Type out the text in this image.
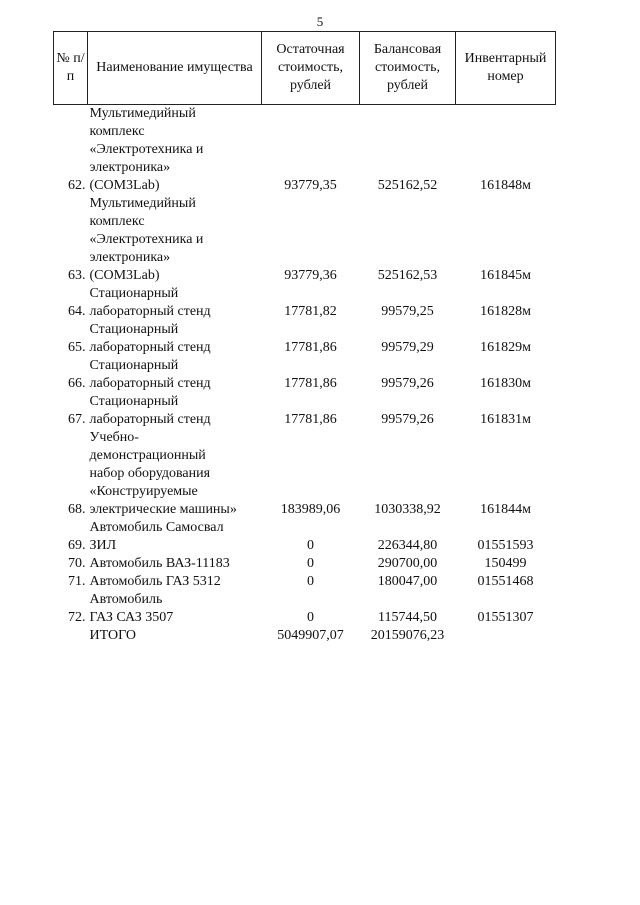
5
№ п/п	Наименование имущества	Остаточная стоимость, рублей	Балансовая стоимость, рублей	Инвентарный номер
62.	Мультимедийный
комплекс
«Электротехника и
электроника»
(COM3Lab)	93779,35	525162,52	161848м
63.	Мультимедийный
комплекс
«Электротехника и
электроника»
(COM3Lab)	93779,36	525162,53	161845м
64.	Стационарный
лабораторный стенд	17781,82	99579,25	161828м
65.	Стационарный
лабораторный стенд	17781,86	99579,29	161829м
66.	Стационарный
лабораторный стенд	17781,86	99579,26	161830м
67.	Стационарный
лабораторный стенд	17781,86	99579,26	161831м
68.	Учебно-
демонстрационный
набор оборудования
«Конструируемые
электрические машины»	183989,06	1030338,92	161844м
69.	Автомобиль Самосвал
ЗИЛ	0	226344,80	01551593
70.	Автомобиль ВАЗ-11183	0	290700,00	150499
71.	Автомобиль ГАЗ 5312	0	180047,00	01551468
72.	Автомобиль
ГАЗ САЗ 3507	0	115744,50	01551307

	ИТОГО	5049907,07	20159076,23	
